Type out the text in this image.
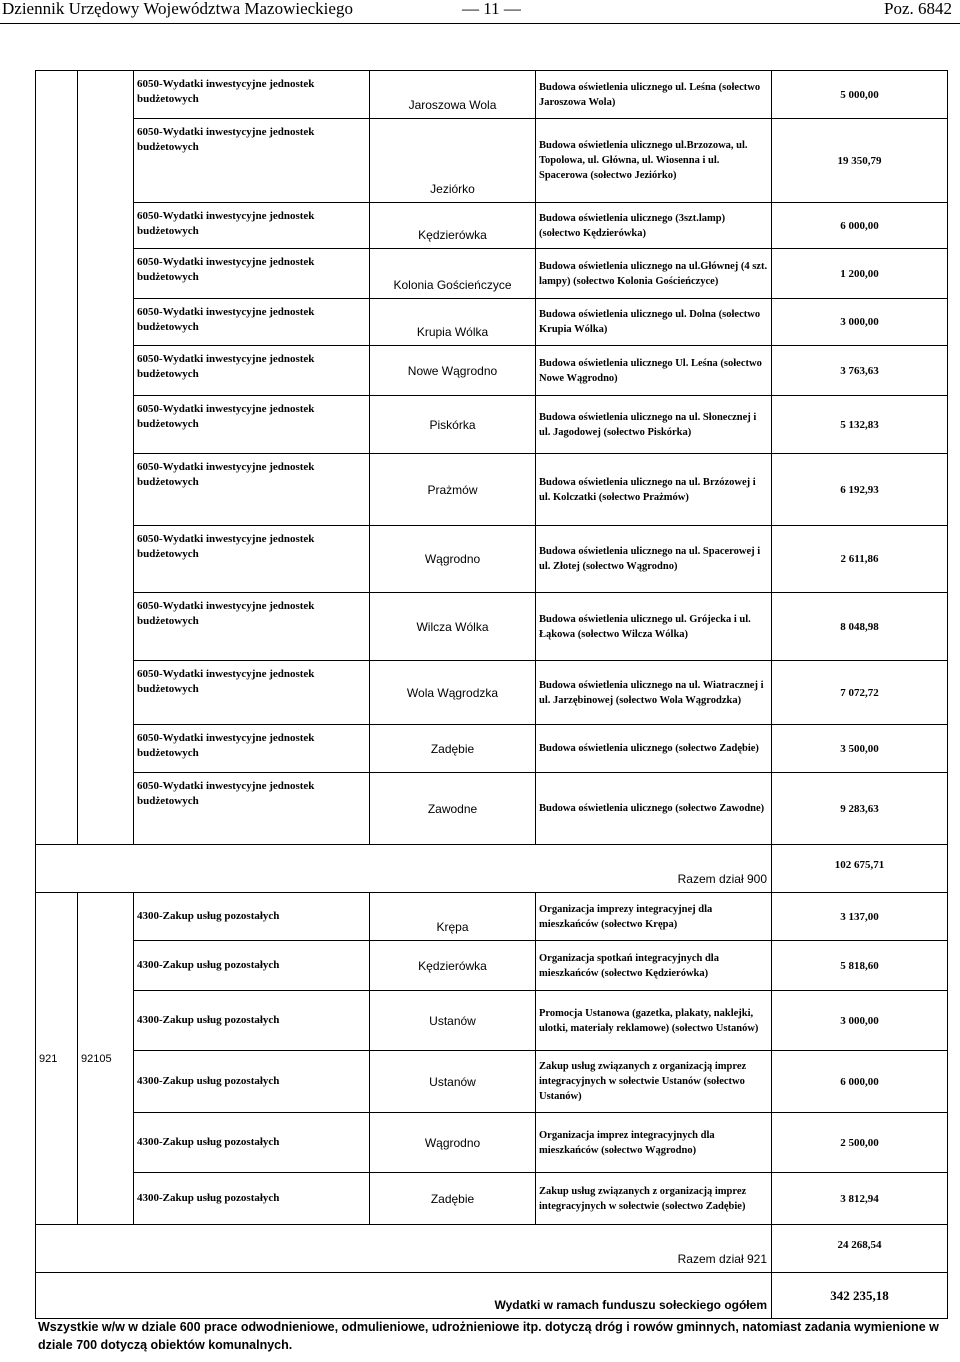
Dziennik Urzędowy Województwa Mazowieckiego	— 11 —	Poz. 6842
		6050-Wydatki inwestycyjne jednostek budżetowych	Jaroszowa Wola	Budowa oświetlenia ulicznego ul. Leśna (sołectwo Jaroszowa Wola)	5 000,00
		6050-Wydatki inwestycyjne jednostek budżetowych	Jeziórko	Budowa oświetlenia ulicznego ul.Brzozowa, ul. Topolowa, ul. Główna, ul. Wiosenna i ul. Spacerowa (sołectwo Jeziórko)	19 350,79
		6050-Wydatki inwestycyjne jednostek budżetowych	Kędzierówka	Budowa oświetlenia ulicznego (3szt.lamp) (sołectwo Kędzierówka)	6 000,00
		6050-Wydatki inwestycyjne jednostek budżetowych	Kolonia Gościeńczyce	Budowa oświetlenia ulicznego na ul.Głównej (4 szt. lampy) (sołectwo Kolonia Gościeńczyce)	1 200,00
		6050-Wydatki inwestycyjne jednostek budżetowych	Krupia Wólka	Budowa oświetlenia ulicznego ul. Dolna (sołectwo Krupia Wólka)	3 000,00
		6050-Wydatki inwestycyjne jednostek budżetowych	Nowe Wągrodno	Budowa oświetlenia ulicznego Ul. Leśna (sołectwo Nowe Wągrodno)	3 763,63
		6050-Wydatki inwestycyjne jednostek budżetowych	Piskórka	Budowa oświetlenia ulicznego na ul. Słonecznej i ul. Jagodowej (sołectwo Piskórka)	5 132,83
		6050-Wydatki inwestycyjne jednostek budżetowych	Prażmów	Budowa oświetlenia ulicznego na ul. Brzózowej i ul. Kolczatki (sołectwo Prażmów)	6 192,93
		6050-Wydatki inwestycyjne jednostek budżetowych	Wągrodno	Budowa oświetlenia ulicznego na ul. Spacerowej i ul. Złotej (sołectwo Wągrodno)	2 611,86
		6050-Wydatki inwestycyjne jednostek budżetowych	Wilcza Wólka	Budowa oświetlenia ulicznego ul. Grójecka i ul. Łąkowa (sołectwo Wilcza Wólka)	8 048,98
		6050-Wydatki inwestycyjne jednostek budżetowych	Wola Wągrodzka	Budowa oświetlenia ulicznego na ul. Wiatracznej i ul. Jarzębinowej (sołectwo Wola Wągrodzka)	7 072,72
		6050-Wydatki inwestycyjne jednostek budżetowych	Zadębie	Budowa oświetlenia ulicznego (sołectwo Zadębie)	3 500,00
		6050-Wydatki inwestycyjne jednostek budżetowych	Zawodne	Budowa oświetlenia ulicznego (sołectwo Zawodne)	9 283,63
Razem dział 900					102 675,71
921	92105	4300-Zakup usług pozostałych	Krępa	Organizacja imprezy integracyjnej dla mieszkańców (sołectwo Krępa)	3 137,00
		4300-Zakup usług pozostałych	Kędzierówka	Organizacja spotkań integracyjnych dla mieszkańców (sołectwo Kędzierówka)	5 818,60
		4300-Zakup usług pozostałych	Ustanów	Promocja Ustanowa (gazetka, plakaty, naklejki, ulotki, materiały reklamowe) (sołectwo Ustanów)	3 000,00
		4300-Zakup usług pozostałych	Ustanów	Zakup usług związanych z organizacją imprez integracyjnych w sołectwie Ustanów (sołectwo Ustanów)	6 000,00
		4300-Zakup usług pozostałych	Wągrodno	Organizacja imprez integracyjnych dla mieszkańców (sołectwo Wągrodno)	2 500,00
		4300-Zakup usług pozostałych	Zadębie	Zakup usług związanych z organizacją imprez integracyjnych w sołectwie (sołectwo Zadębie)	3 812,94
Razem dział 921					24 268,54
Wydatki w ramach funduszu sołeckiego ogółem					342 235,18
Wszystkie w/w w dziale 600 prace odwodnieniowe, odmulieniowe, udrożnieniowe itp. dotyczą dróg i rowów gminnych, natomiast zadania wymienione w dziale 700 dotyczą obiektów komunalnych.
